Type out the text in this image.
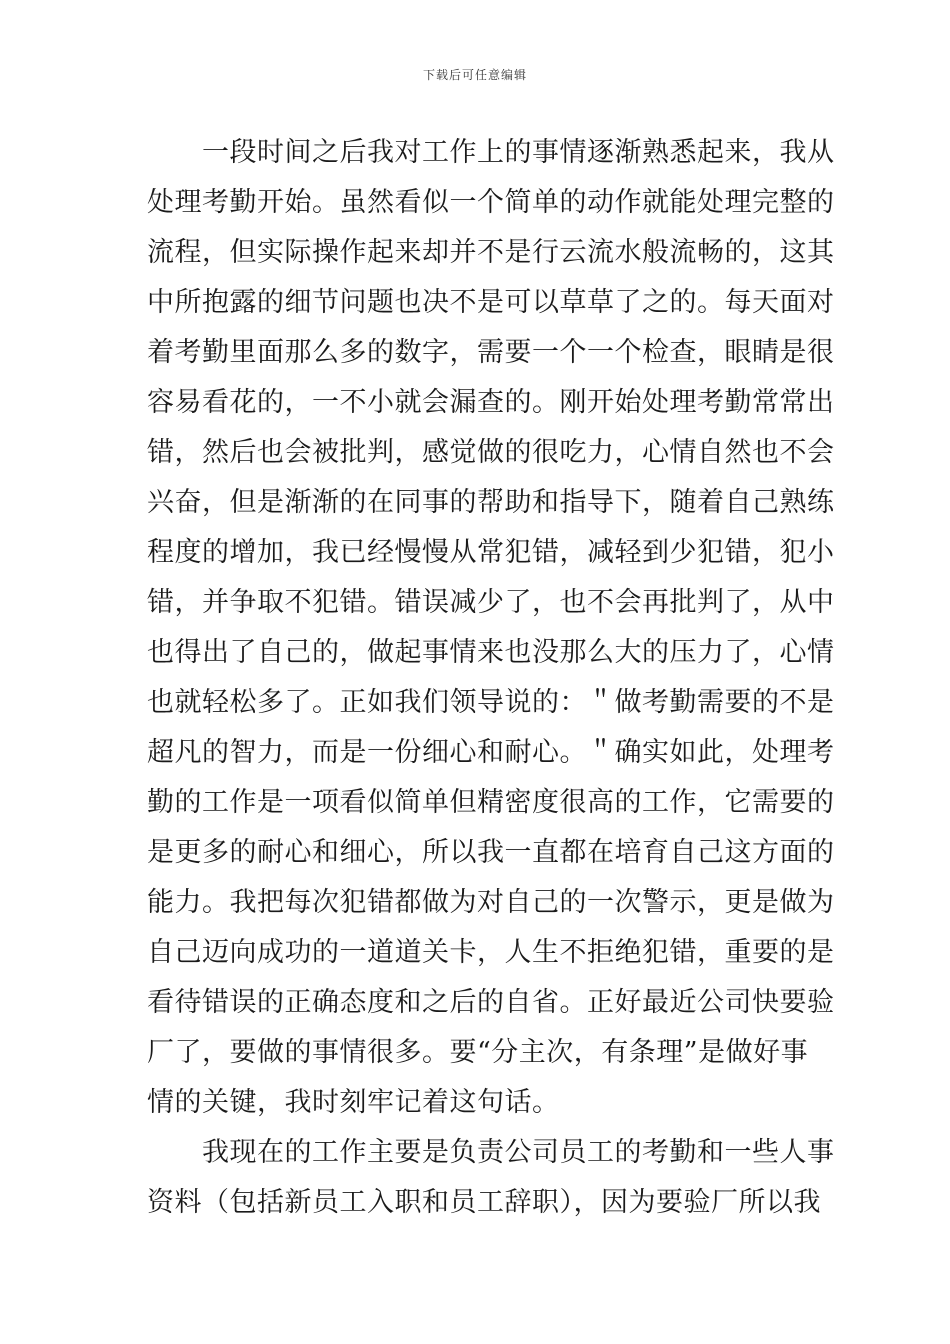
下载后可任意编辑
一段时间之后我对工作上的事情逐渐熟悉起来，我从
处理考勤开始。虽然看似一个简单的动作就能处理完整的
流程，但实际操作起来却并不是行云流水般流畅的，这其
中所抱露的细节问题也决不是可以草草了之的。每天面对
着考勤里面那么多的数字，需要一个一个检查，眼睛是很
容易看花的，一不小就会漏查的。刚开始处理考勤常常出
错，然后也会被批判，感觉做的很吃力，心情自然也不会
兴奋，但是渐渐的在同事的帮助和指导下，随着自己熟练
程度的增加，我已经慢慢从常犯错，减轻到少犯错，犯小
错，并争取不犯错。错误减少了，也不会再批判了，从中
也得出了自己的，做起事情来也没那么大的压力了，心情
也就轻松多了。正如我们领导说的：＂做考勤需要的不是
超凡的智力，而是一份细心和耐心。＂确实如此，处理考
勤的工作是一项看似简单但精密度很高的工作，它需要的
是更多的耐心和细心，所以我一直都在培育自己这方面的
能力。我把每次犯错都做为对自己的一次警示，更是做为
自己迈向成功的一道道关卡，人生不拒绝犯错，重要的是
看待错误的正确态度和之后的自省。正好最近公司快要验
厂了，要做的事情很多。要“分主次，有条理”是做好事
情的关键，我时刻牢记着这句话。
我现在的工作主要是负责公司员工的考勤和一些人事
资料（包括新员工入职和员工辞职），因为要验厂所以我
